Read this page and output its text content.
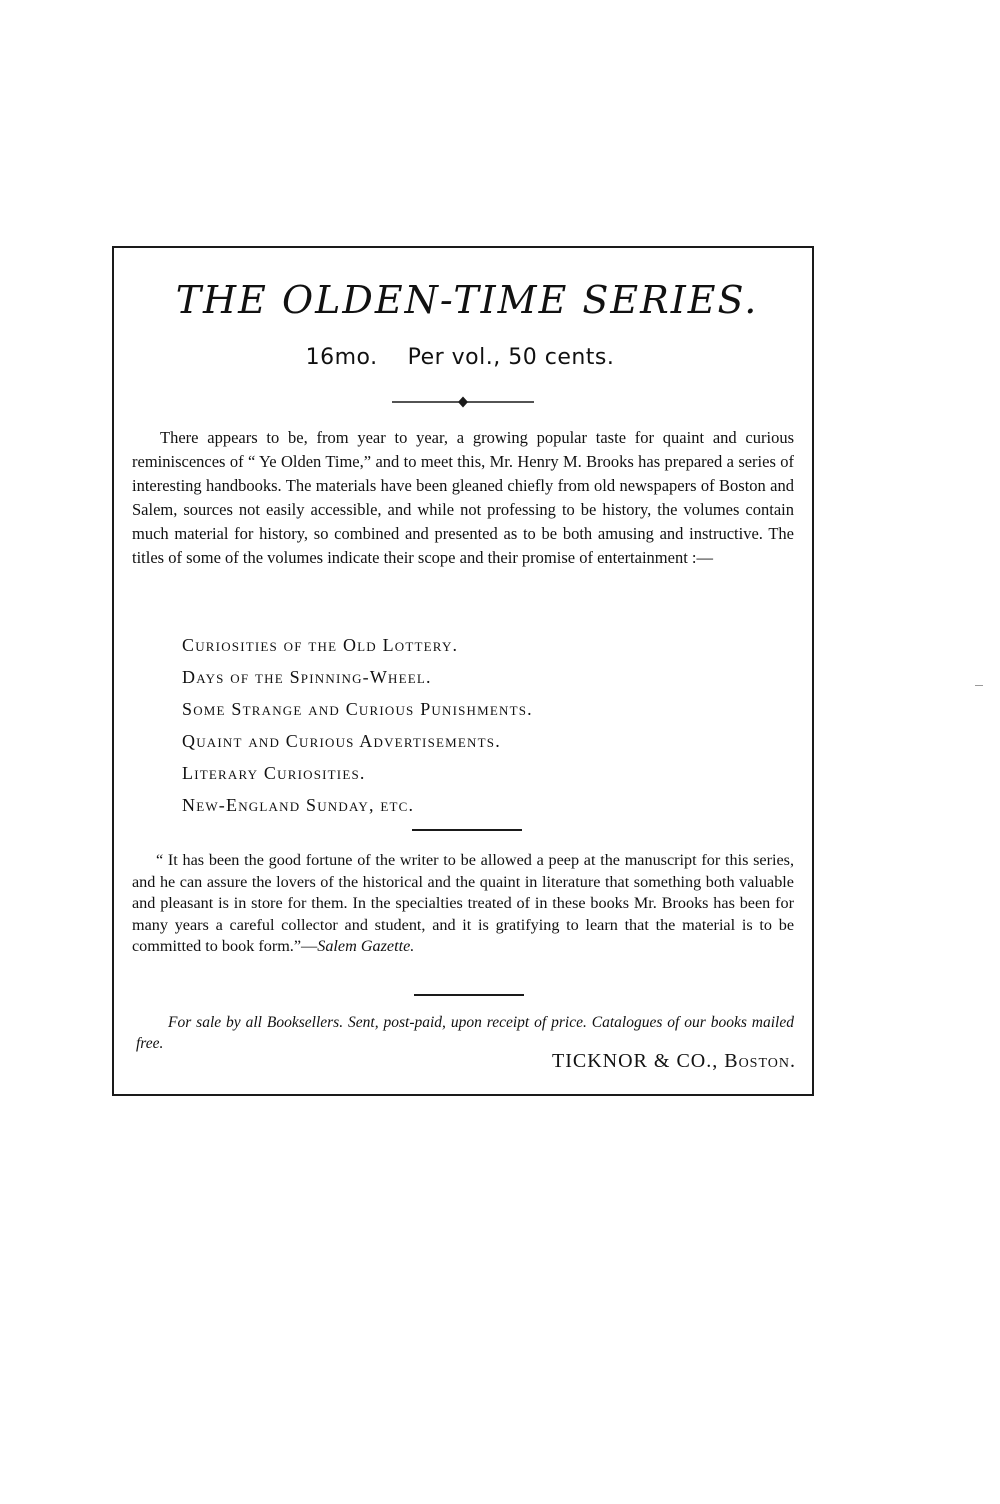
THE OLDEN-TIME SERIES.
16mo. Per vol., 50 cents.

There appears to be, from year to year, a growing popular taste for quaint and curious reminiscences of “ Ye Olden Time,” and to meet this, Mr. Henry M. Brooks has prepared a series of interesting handbooks. The materials have been gleaned chiefly from old newspapers of Boston and Salem, sources not easily accessible, and while not professing to be history, the volumes contain much material for history, so combined and presented as to be both amusing and instructive. The titles of some of the volumes indicate their scope and their promise of entertainment :—

Curiosities of the Old Lottery.
Days of the Spinning-Wheel.
Some Strange and Curious Punishments.
Quaint and Curious Advertisements.
Literary Curiosities.
New-England Sunday, etc.

“ It has been the good fortune of the writer to be allowed a peep at the manuscript for this series, and he can assure the lovers of the historical and the quaint in literature that something both valuable and pleasant is in store for them. In the specialties treated of in these books Mr. Brooks has been for many years a careful collector and student, and it is gratifying to learn that the material is to be committed to book form.”—Salem Gazette.

For sale by all Booksellers. Sent, post-paid, upon receipt of price. Catalogues of our books mailed free.

TICKNOR & CO., Boston.
